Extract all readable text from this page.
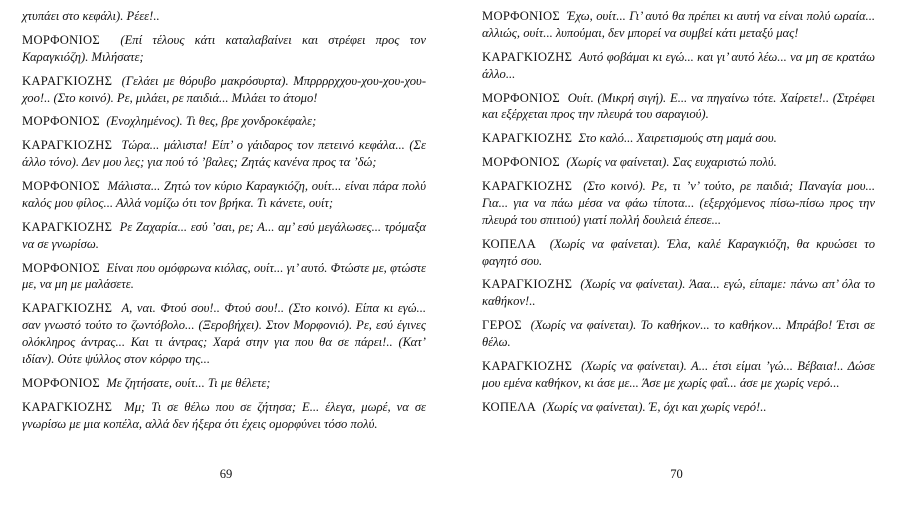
χτυπάει στο κεφάλι). Ρέεε!..

ΜΟΡΦΟΝΙΟΣ (Επί τέλους κάτι καταλαβαίνει και στρέφει προς τον Καραγκιόζη). Μιλήσατε;

ΚΑΡΑΓΚΙΟΖΗΣ (Γελάει με θόρυβο μακρόσυρτα). Μπρρρρχχου-χου-χου-χου-χοο!.. (Στο κοινό). Ρε, μιλάει, ρε παιδιά... Μιλάει το άτομο!

ΜΟΡΦΟΝΙΟΣ (Ενοχλημένος). Τι θες, βρε χονδροκέφαλε;

ΚΑΡΑΓΚΙΟΖΗΣ Τώρα... μάλιστα! Είπ’ ο γάιδαρος τον πετεινό κεφάλα... (Σε άλλο τόνο). Δεν μου λες; για πού τό ’βαλες; Ζητάς κανένα προς τα ’δώ;

ΜΟΡΦΟΝΙΟΣ Μάλιστα... Ζητώ τον κύριο Καραγκιόζη, ουίτ... είναι πάρα πολύ καλός μου φίλος... Αλλά νομίζω ότι τον βρήκα. Τι κάνετε, ουίτ;

ΚΑΡΑΓΚΙΟΖΗΣ Ρε Ζαχαρία... εσύ ’σαι, ρε; Α... αμ’ εσύ μεγάλωσες... τρόμαξα να σε γνωρίσω.

ΜΟΡΦΟΝΙΟΣ Είναι που ομόφρωνα κιόλας, ουίτ... γι’ αυτό. Φτώστε με, φτώστε με, να μη με μαλάσετε.

ΚΑΡΑΓΚΙΟΖΗΣ Α, ναι. Φτού σου!.. Φτού σου!.. (Στο κοινό). Είπα κι εγώ... σαν γνωστό τούτο το ζωντόβολο... (Ξεροβήχει). Στον Μορφονιό). Ρε, εσύ έγινες ολόκληρος άντρας... Και τι άντρας; Χαρά στην για που θα σε πάρει!.. (Κατ’ ιδίαν). Ούτε ψύλλος στον κόρφο της...

ΜΟΡΦΟΝΙΟΣ Με ζητήσατε, ουίτ... Τι με θέλετε;

ΚΑΡΑΓΚΙΟΖΗΣ Μμ; Τι σε θέλω που σε ζήτησα; Ε... έλεγα, μωρέ, να σε γνωρίσω με μια κοπέλα, αλλά δεν ήξερα ότι έχεις ομορφύνει τόσο πολύ.

69

ΜΟΡΦΟΝΙΟΣ Έχω, ουίτ... Γι’ αυτό θα πρέπει κι αυτή να είναι πολύ ωραία... αλλιώς, ουίτ... λυπούμαι, δεν μπορεί να συμβεί κάτι μεταξύ μας!

ΚΑΡΑΓΚΙΟΖΗΣ Αυτό φοβάμαι κι εγώ... και γι’ αυτό λέω... να μη σε κρατάω άλλο...

ΜΟΡΦΟΝΙΟΣ Ουίτ. (Μικρή σιγή). Ε... να πηγαίνω τότε. Χαίρετε!.. (Στρέφει και εξέρχεται προς την πλευρά του σαραγιού).

ΚΑΡΑΓΚΙΟΖΗΣ Στο καλό... Χαιρετισμούς στη μαμά σου.

ΜΟΡΦΟΝΙΟΣ (Χωρίς να φαίνεται). Σας ευχαριστώ πολύ.

ΚΑΡΑΓΚΙΟΖΗΣ (Στο κοινό). Ρε, τι ’ν’ τούτο, ρε παιδιά; Παναγία μου... Για... για να πάω μέσα να φάω τίποτα... (εξερχόμενος πίσω-πίσω προς την πλευρά του σπιτιού) γιατί πολλή δουλειά έπεσε...

ΚΟΠΕΛΑ (Χωρίς να φαίνεται). Έλα, καλέ Καραγκιόζη, θα κρυώσει το φαγητό σου.

ΚΑΡΑΓΚΙΟΖΗΣ (Χωρίς να φαίνεται). Άαα... εγώ, είπαμε: πάνω απ’ όλα το καθήκον!..

ΓΕΡΟΣ (Χωρίς να φαίνεται). Το καθήκον... το καθήκον... Μπράβο! Έτσι σε θέλω.

ΚΑΡΑΓΚΙΟΖΗΣ (Χωρίς να φαίνεται). Α... έτσι είμαι ’γώ... Βέβαια!.. Δώσε μου εμένα καθήκον, κι άσε με... Άσε με χωρίς φαΐ... άσε με χωρίς νερό...

ΚΟΠΕΛΑ (Χωρίς να φαίνεται). Έ, όχι και χωρίς νερό!..

70
